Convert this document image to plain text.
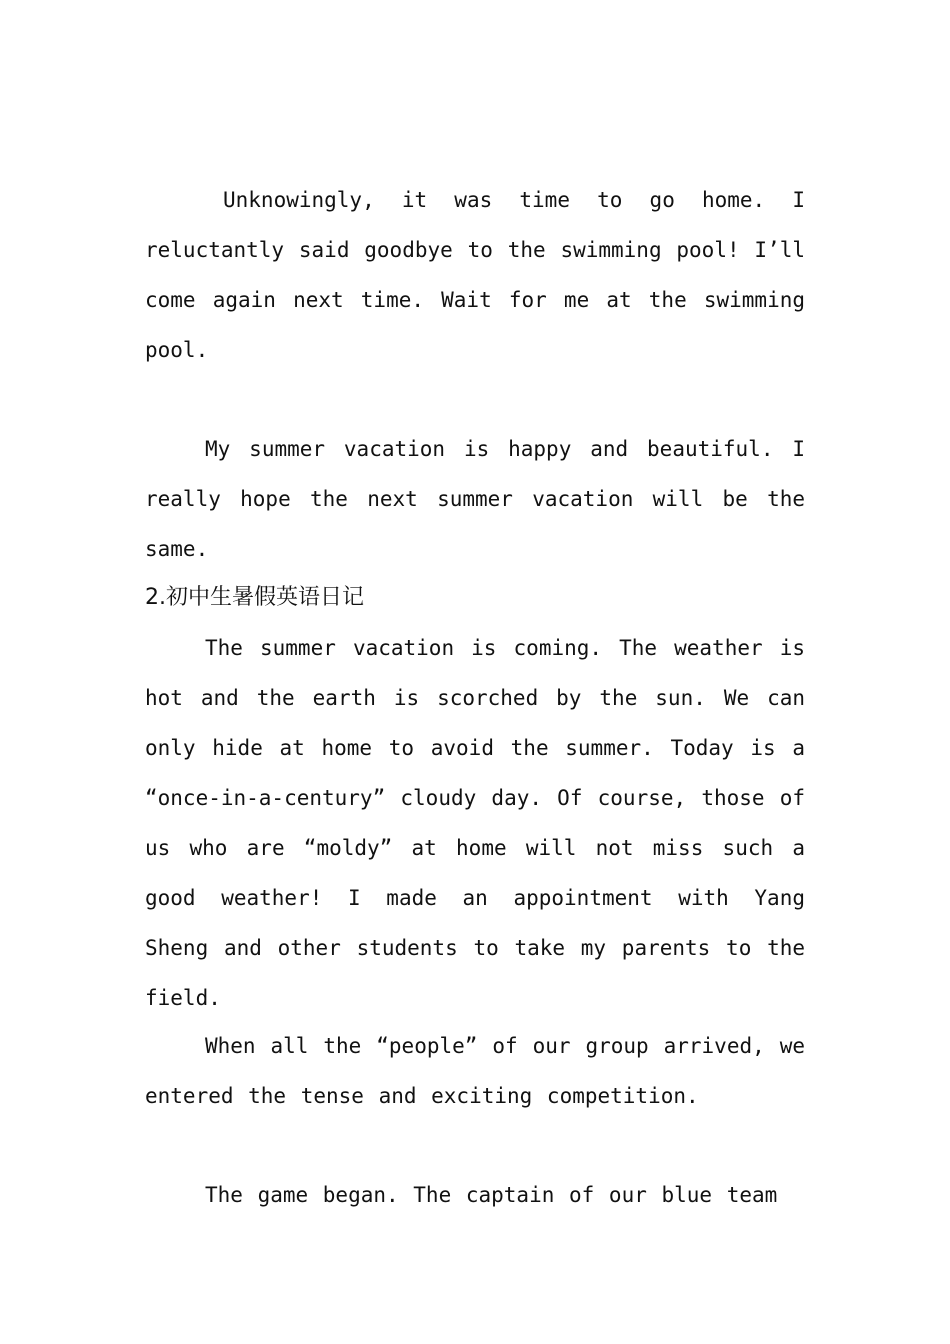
Unknowingly, it was time to go home. I reluctantly said goodbye to the swimming pool! I’ll come again next time. Wait for me at the swimming pool.

My summer vacation is happy and beautiful. I really hope the next summer vacation will be the same.

2.初中生暑假英语日记

The summer vacation is coming. The weather is hot and the earth is scorched by the sun. We can only hide at home to avoid the summer. Today is a “once-in-a-century” cloudy day. Of course, those of us who are “moldy” at home will not miss such a good weather! I made an appointment with Yang Sheng and other students to take my parents to the field.

When all the “people” of our group arrived, we entered the tense and exciting competition.

The game began. The captain of our blue team
